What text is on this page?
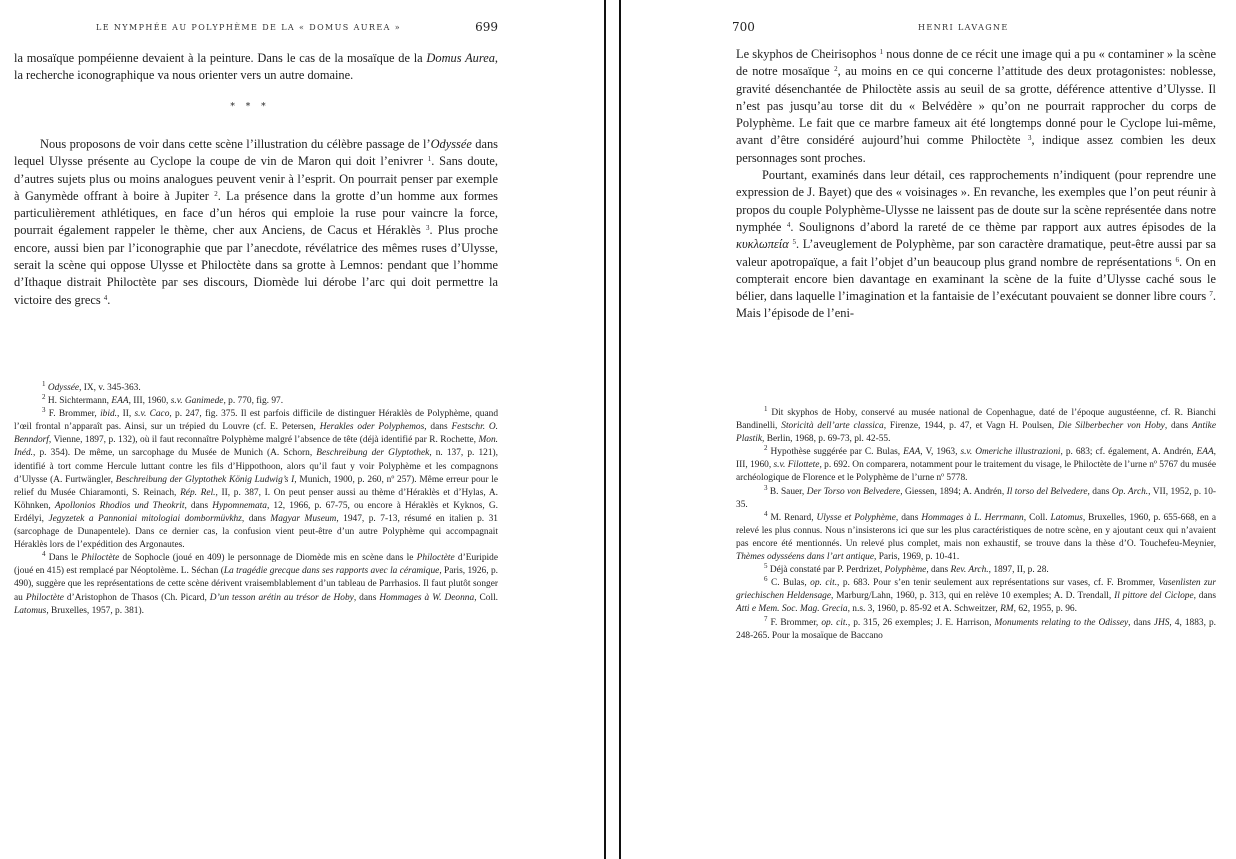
LE NYMPHÉE AU POLYPHÈME DE LA « DOMUS AUREA »	699

la mosaïque pompéienne devaient à la peinture. Dans le cas de la mosaïque de la Domus Aurea, la recherche iconographique va nous orienter vers un autre domaine.

* * *

Nous proposons de voir dans cette scène l’illustration du célèbre passage de l’Odyssée dans lequel Ulysse présente au Cyclope la coupe de vin de Maron qui doit l’enivrer $^1$. Sans doute, d’autres sujets plus ou moins analogues peuvent venir à l’esprit. On pourrait penser par exemple à Ganymède offrant à boire à Jupiter $^2$. La présence dans la grotte d’un homme aux formes particulièrement athlétiques, en face d’un héros qui emploie la ruse pour vaincre la force, pourrait également rappeler le thème, cher aux Anciens, de Cacus et Héraklès $^3$. Plus proche encore, aussi bien par l’iconographie que par l’anecdote, révélatrice des mêmes ruses d’Ulysse, serait la scène qui oppose Ulysse et Philoctète dans sa grotte à Lemnos: pendant que l’homme d’Ithaque distrait Philoctète par ses discours, Diomède lui dérobe l’arc qui doit permettre la victoire des grecs $^4$.

$^1$ Odyssée, IX, v. 345-363.

$^2$ H. Sichtermann, EAA, III, 1960, s.v. Ganimede, p. 770, fig. 97.

$^3$ F. Brommer, ibid., II, s.v. Caco, p. 247, fig. 375. Il est parfois difficile de distinguer Héraklès de Polyphème, quand l’œil frontal n’apparaît pas. Ainsi, sur un trépied du Louvre (cf. E. Petersen, Herakles oder Polyphemos, dans Festschr. O. Benndorf, Vienne, 1897, p. 132), où il faut reconnaître Polyphème malgré l’absence de tête (déjà identifié par R. Rochette, Mon. Inéd., p. 354). De même, un sarcophage du Musée de Munich (A. Schorn, Beschreibung der Glyptothek, n. 137, p. 121), identifié à tort comme Hercule luttant contre les fils d’Hippothoon, alors qu’il faut y voir Polyphème et les compagnons d’Ulysse (A. Furtwängler, Beschreibung der Glyptothek König Ludwig’s I, Munich, 1900, p. 260, nº 257). Même erreur pour le relief du Musée Chiaramonti, S. Reinach, Rép. Rel., II, p. 387, I. On peut penser aussi au thème d’Héraklès et d’Hylas, A. Köhnken, Apollonios Rhodios und Theokrit, dans Hypomnemata, 12, 1966, p. 67-75, ou encore à Héraklès et Kyknos, G. Erdélyi, Jegyzetek a Pannoniai mitologiai dombormüvkhz, dans Magyar Museum, 1947, p. 7-13, résumé en italien p. 31 (sarcophage de Dunapentele). Dans ce dernier cas, la confusion vient peut-être d’un autre Polyphème qui accompagnait Héraklès lors de l’expédition des Argonautes.

$^4$ Dans le Philoctète de Sophocle (joué en 409) le personnage de Diomède mis en scène dans le Philoctète d’Euripide (joué en 415) est remplacé par Néoptolème. L. Séchan (La tragédie grecque dans ses rapports avec la céramique, Paris, 1926, p. 490), suggère que les représentations de cette scène dérivent vraisemblablement d’un tableau de Parrhasios. Il faut plutôt songer au Philoctète d’Aristophon de Thasos (Ch. Picard, D’un tesson arétin au trésor de Hoby, dans Hommages à W. Deonna, Coll. Latomus, Bruxelles, 1957, p. 381).

700	HENRI LAVAGNE

Le skyphos de Cheirisophos $^1$ nous donne de ce récit une image qui a pu « contaminer » la scène de notre mosaïque $^2$, au moins en ce qui concerne l’attitude des deux protagonistes: noblesse, gravité désenchantée de Philoctète assis au seuil de sa grotte, déférence attentive d’Ulysse. Il n’est pas jusqu’au torse dit du « Belvédère » qu’on ne pourrait rapprocher du corps de Polyphème. Le fait que ce marbre fameux ait été longtemps donné pour le Cyclope lui-même, avant d’être considéré aujourd’hui comme Philoctète $^3$, indique assez combien les deux personnages sont proches.

Pourtant, examinés dans leur détail, ces rapprochements n’indiquent (pour reprendre une expression de J. Bayet) que des « voisinages ». En revanche, les exemples que l’on peut réunir à propos du couple Polyphème-Ulysse ne laissent pas de doute sur la scène représentée dans notre nymphée $^4$. Soulignons d’abord la rareté de ce thème par rapport aux autres épisodes de la κυκλωπεία $^5$. L’aveuglement de Polyphème, par son caractère dramatique, peut-être aussi par sa valeur apotropaïque, a fait l’objet d’un beaucoup plus grand nombre de représentations $^6$. On en compterait encore bien davantage en examinant la scène de la fuite d’Ulysse caché sous le bélier, dans laquelle l’imagination et la fantaisie de l’exécutant pouvaient se donner libre cours $^7$. Mais l’épisode de l’eni-

$^1$ Dit skyphos de Hoby, conservé au musée national de Copenhague, daté de l’époque augustéenne, cf. R. Bianchi Bandinelli, Storicità dell’arte classica, Firenze, 1944, p. 47, et Vagn H. Poulsen, Die Silberbecher von Hoby, dans Antike Plastik, Berlin, 1968, p. 69-73, pl. 42-55.

$^2$ Hypothèse suggérée par C. Bulas, EAA, V, 1963, s.v. Omeriche illustrazioni, p. 683; cf. également, A. Andrén, EAA, III, 1960, s.v. Filottete, p. 692. On comparera, notamment pour le traitement du visage, le Philoctète de l’urne nº 5767 du musée archéologique de Florence et le Polyphème de l’urne nº 5778.

$^3$ B. Sauer, Der Torso von Belvedere, Giessen, 1894; A. Andrén, Il torso del Belvedere, dans Op. Arch., VII, 1952, p. 10-35.

$^4$ M. Renard, Ulysse et Polyphème, dans Hommages à L. Herrmann, Coll. Latomus, Bruxelles, 1960, p. 655-668, en a relevé les plus connus. Nous n’insisterons ici que sur les plus caractéristiques de notre scène, en y ajoutant ceux qui n’avaient pas encore été mentionnés. Un relevé plus complet, mais non exhaustif, se trouve dans la thèse d’O. Touchefeu-Meynier, Thèmes odysséens dans l’art antique, Paris, 1969, p. 10-41.

$^5$ Déjà constaté par P. Perdrizet, Polyphème, dans Rev. Arch., 1897, II, p. 28.

$^6$ C. Bulas, op. cit., p. 683. Pour s’en tenir seulement aux représentations sur vases, cf. F. Brommer, Vasenlisten zur griechischen Heldensage, Marburg/Lahn, 1960, p. 313, qui en relève 10 exemples; A. D. Trendall, Il pittore del Ciclope, dans Atti e Mem. Soc. Mag. Grecia, n.s. 3, 1960, p. 85-92 et A. Schweitzer, RM, 62, 1955, p. 96.

$^7$ F. Brommer, op. cit., p. 315, 26 exemples; J. E. Harrison, Monuments relating to the Odissey, dans JHS, 4, 1883, p. 248-265. Pour la mosaïque de Baccano
